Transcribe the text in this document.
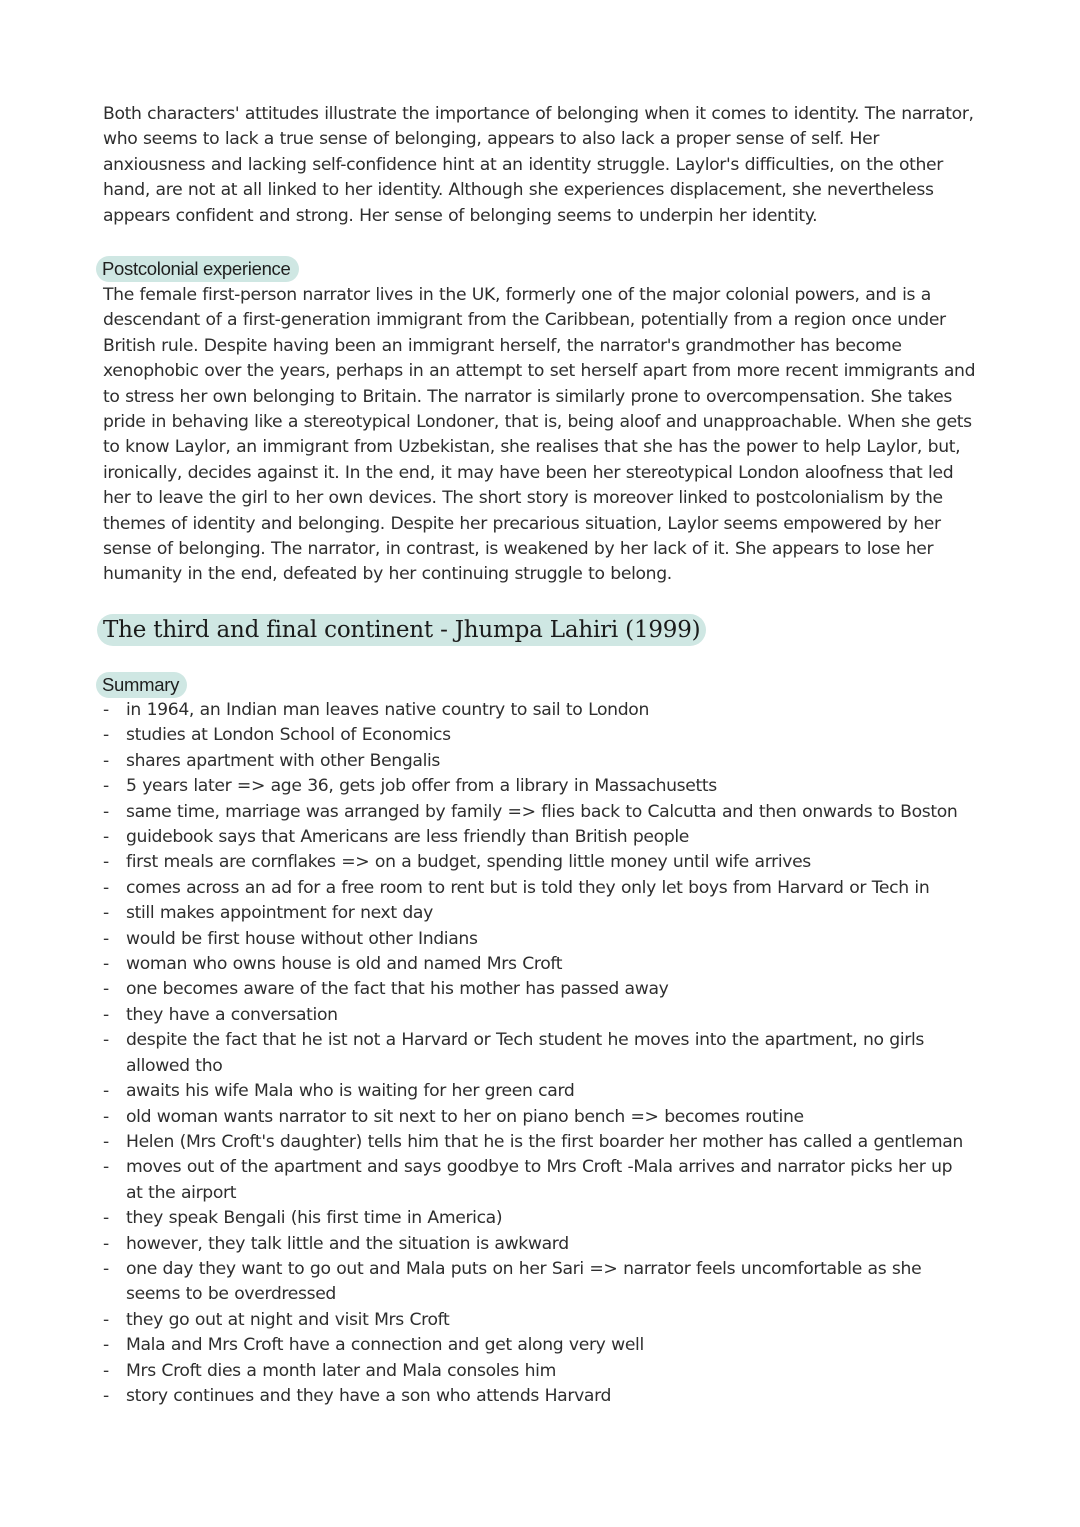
Both characters' attitudes illustrate the importance of belonging when it comes to identity. The narrator, who seems to lack a true sense of belonging, appears to also lack a proper sense of self. Her anxiousness and lacking self-confidence hint at an identity struggle. Laylor's difficulties, on the other hand, are not at all linked to her identity. Although she experiences displacement, she nevertheless appears confident and strong. Her sense of belonging seems to underpin her identity.

Postcolonial experience

The female first-person narrator lives in the UK, formerly one of the major colonial powers, and is a descendant of a first-generation immigrant from the Caribbean, potentially from a region once under British rule. Despite having been an immigrant herself, the narrator's grandmother has become xenophobic over the years, perhaps in an attempt to set herself apart from more recent immigrants and to stress her own belonging to Britain. The narrator is similarly prone to overcompensation. She takes pride in behaving like a stereotypical Londoner, that is, being aloof and unapproachable. When she gets to know Laylor, an immigrant from Uzbekistan, she realises that she has the power to help Laylor, but, ironically, decides against it. In the end, it may have been her stereotypical London aloofness that led her to leave the girl to her own devices. The short story is moreover linked to postcolonialism by the themes of identity and belonging. Despite her precarious situation, Laylor seems empowered by her sense of belonging. The narrator, in contrast, is weakened by her lack of it. She appears to lose her humanity in the end, defeated by her continuing struggle to belong.

The third and final continent - Jhumpa Lahiri (1999)
Summary
- in 1964, an Indian man leaves native country to sail to London
- studies at London School of Economics
- shares apartment with other Bengalis
- 5 years later => age 36, gets job offer from a library in Massachusetts
- same time, marriage was arranged by family => flies back to Calcutta and then onwards to Boston
- guidebook says that Americans are less friendly than British people
- first meals are cornflakes => on a budget, spending little money until wife arrives
- comes across an ad for a free room to rent but is told they only let boys from Harvard or Tech in
- still makes appointment for next day
- would be first house without other Indians
- woman who owns house is old and named Mrs Croft
- one becomes aware of the fact that his mother has passed away
- they have a conversation
- despite the fact that he ist not a Harvard or Tech student he moves into the apartment, no girls allowed tho
- awaits his wife Mala who is waiting for her green card
- old woman wants narrator to sit next to her on piano bench => becomes routine
- Helen (Mrs Croft's daughter) tells him that he is the first boarder her mother has called a gentleman
- moves out of the apartment and says goodbye to Mrs Croft -Mala arrives and narrator picks her up at the airport
- they speak Bengali (his first time in America)
- however, they talk little and the situation is awkward
- one day they want to go out and Mala puts on her Sari => narrator feels uncomfortable as she seems to be overdressed
- they go out at night and visit Mrs Croft
- Mala and Mrs Croft have a connection and get along very well
- Mrs Croft dies a month later and Mala consoles him
- story continues and they have a son who attends Harvard
